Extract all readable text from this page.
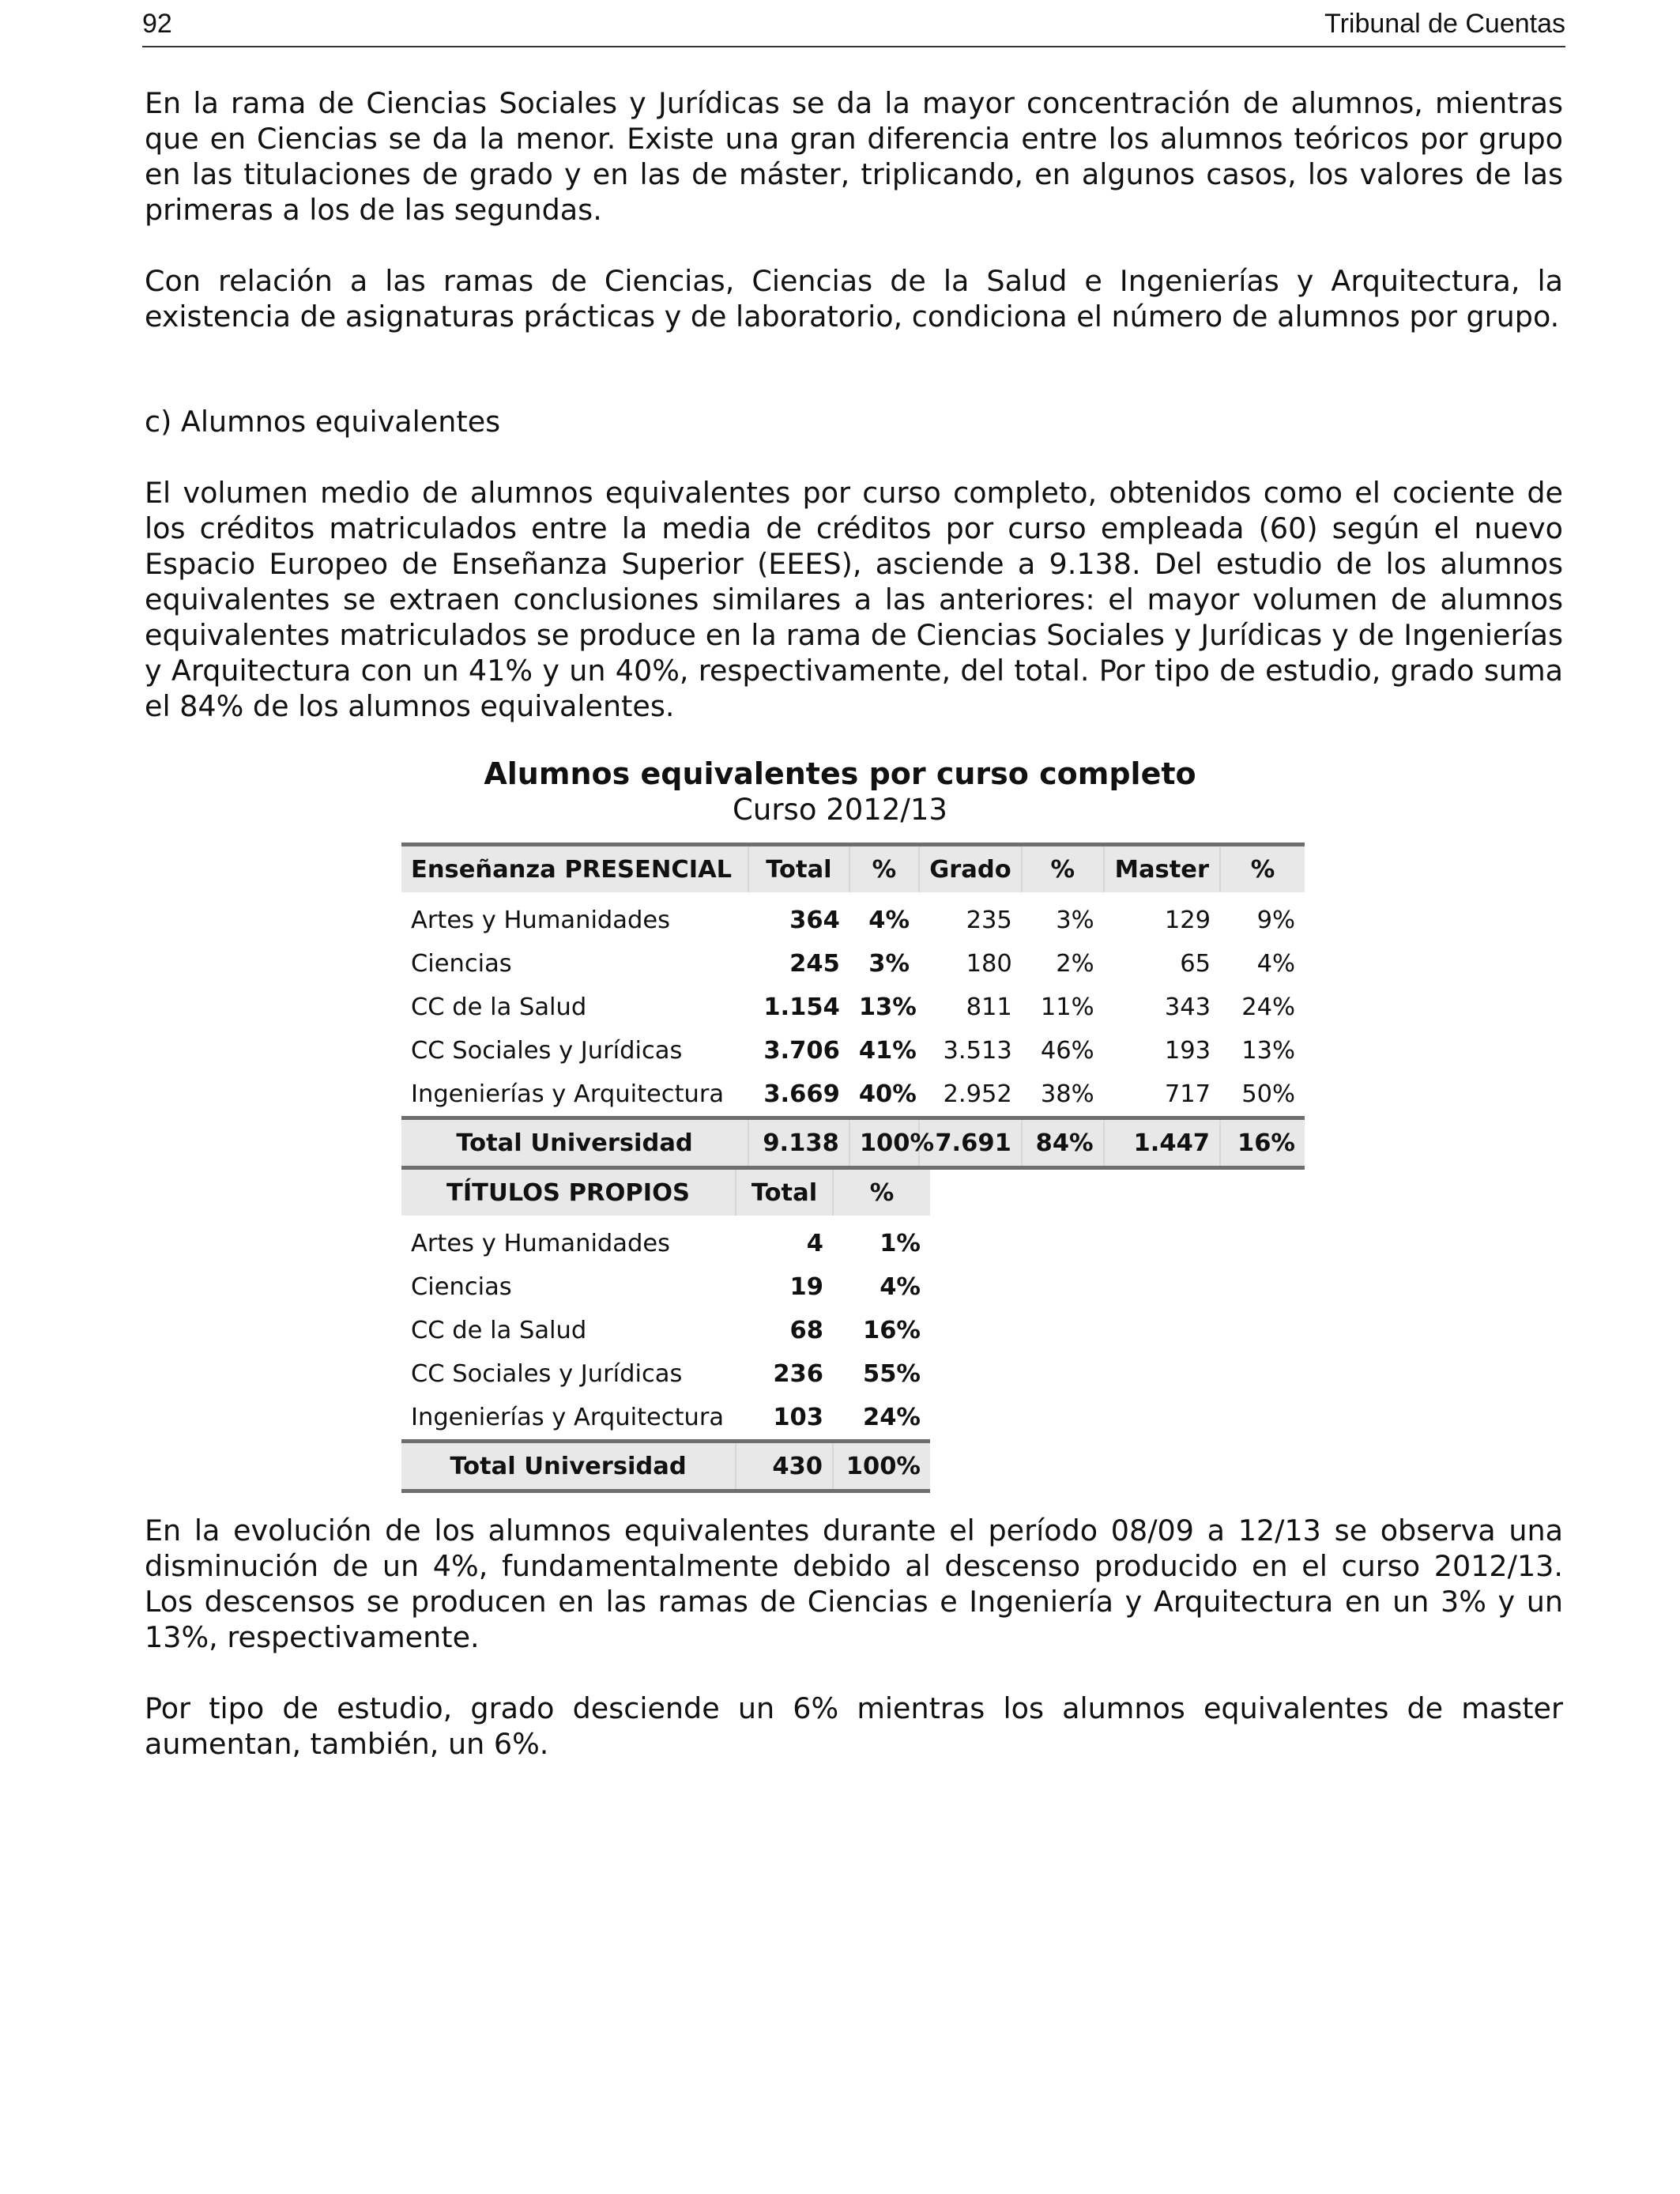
92	Tribunal de Cuentas

En la rama de Ciencias Sociales y Jurídicas se da la mayor concentración de alumnos, mientras que en Ciencias se da la menor. Existe una gran diferencia entre los alumnos teóricos por grupo en las titulaciones de grado y en las de máster, triplicando, en algunos casos, los valores de las primeras a los de las segundas.

Con relación a las ramas de Ciencias, Ciencias de la Salud e Ingenierías y Arquitectura, la existencia de asignaturas prácticas y de laboratorio, condiciona el número de alumnos por grupo.

c) Alumnos equivalentes

El volumen medio de alumnos equivalentes por curso completo, obtenidos como el cociente de los créditos matriculados entre la media de créditos por curso empleada (60) según el nuevo Espacio Europeo de Enseñanza Superior (EEES), asciende a 9.138. Del estudio de los alumnos equivalentes se extraen conclusiones similares a las anteriores: el mayor volumen de alumnos equivalentes matriculados se produce en la rama de Ciencias Sociales y Jurídicas y de Ingenierías y Arquitectura con un 41% y un 40%, respectivamente, del total. Por tipo de estudio, grado suma el 84% de los alumnos equivalentes.

Alumnos equivalentes por curso completo
Curso 2012/13
Enseñanza PRESENCIAL	Total	%	Grado	%	Master	%
Artes y Humanidades	364	4%	235	3%	129	9%
Ciencias	245	3%	180	2%	65	4%
CC de la Salud	1.154	13%	811	11%	343	24%
CC Sociales y Jurídicas	3.706	41%	3.513	46%	193	13%
Ingenierías y Arquitectura	3.669	40%	2.952	38%	717	50%
Total Universidad	9.138	100%	7.691	84%	1.447	16%
TÍTULOS PROPIOS	Total	%
Artes y Humanidades	4	1%
Ciencias	19	4%
CC de la Salud	68	16%
CC Sociales y Jurídicas	236	55%
Ingenierías y Arquitectura	103	24%
Total Universidad	430	100%

En la evolución de los alumnos equivalentes durante el período 08/09 a 12/13 se observa una disminución de un 4%, fundamentalmente debido al descenso producido en el curso 2012/13. Los descensos se producen en las ramas de Ciencias e Ingeniería y Arquitectura en un 3% y un 13%, respectivamente.

Por tipo de estudio, grado desciende un 6% mientras los alumnos equivalentes de master aumentan, también, un 6%.
